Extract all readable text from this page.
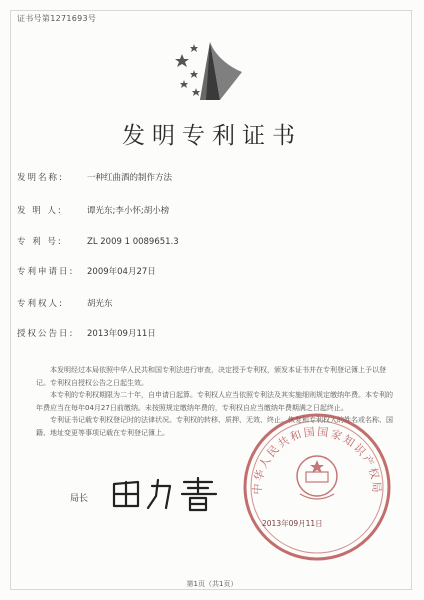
证书号第1271693号
发明专利证书
发明名称:	一种红曲酒的制作方法
发 明 人:	谭光东;李小怀;胡小榜
专 利 号:	ZL 2009 1 0089651.3
专利申请日: 2009年04月27日
专利权人:	胡光东
授权公告日: 2013年09月11日

本发明经过本局依照中华人民共和国专利法进行审查，决定授予专利权，颁发本证书并在专利登记簿上予以登记。专利权自授权公告之日起生效。

本专利的专利权期限为二十年，自申请日起算。专利权人应当依照专利法及其实施细则规定缴纳年费。本专利的年费应当在每年04月27日前缴纳。未按照规定缴纳年费的，专利权自应当缴纳年费期满之日起终止。

专利证书记载专利权登记时的法律状况。专利权的转移、质押、无效、终止、恢复和专利权人的姓名或名称、国籍、地址变更等事项记载在专利登记簿上。

中华人民共和国国家知识产权局
2013年09月11日
局长
第1页（共1页）
